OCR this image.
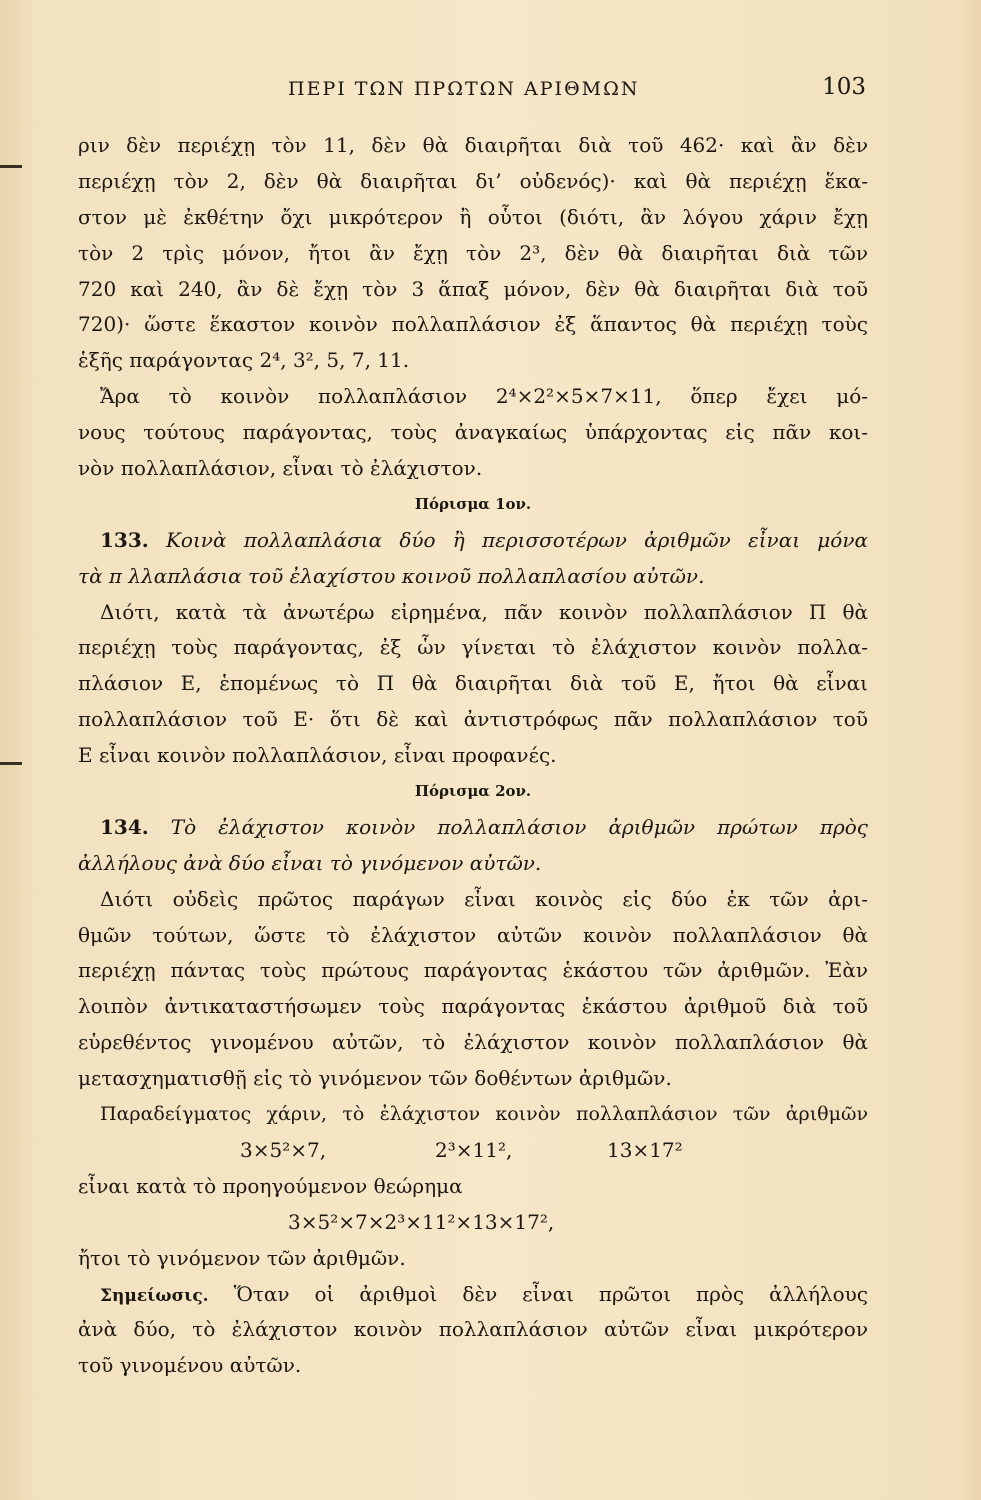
ΠΕΡΙ ΤΩΝ ΠΡΩΤΩΝ ΑΡΙΘΜΩΝ	103
ριν δὲν περιέχῃ τὸν 11, δὲν θὰ διαιρῆται διὰ τοῦ 462· καὶ ἂν δὲν
περιέχῃ τὸν 2, δὲν θὰ διαιρῆται δι’ οὐδενός)· καὶ θὰ περιέχῃ ἕκα-
στον μὲ ἐκθέτην ὄχι μικρότερον ἢ οὗτοι (διότι, ἂν λόγου χάριν ἔχῃ
τὸν 2 τρὶς μόνον, ἤτοι ἂν ἔχῃ τὸν 2³, δὲν θὰ διαιρῆται διὰ τῶν
720 καὶ 240, ἂν δὲ ἔχῃ τὸν 3 ἅπαξ μόνον, δὲν θὰ διαιρῆται διὰ τοῦ
720)· ὥστε ἕκαστον κοινὸν πολλαπλάσιον ἐξ ἅπαντος θὰ περιέχῃ τοὺς
ἑξῆς παράγοντας 2⁴, 3², 5, 7, 11.
Ἄρα τὸ κοινὸν πολλαπλάσιον 2⁴×2²×5×7×11, ὅπερ ἔχει μό-
νους τούτους παράγοντας, τοὺς ἀναγκαίως ὑπάρχοντας εἰς πᾶν κοι-
νὸν πολλαπλάσιον, εἶναι τὸ ἐλάχιστον.
Πόρισμα 1ον.
133. Κοινὰ πολλαπλάσια δύο ἢ περισσοτέρων ἀριθμῶν εἶναι μόνα
τὰ π λλαπλάσια τοῦ ἐλαχίστου κοινοῦ πολλαπλασίου αὐτῶν.
Διότι, κατὰ τὰ ἀνωτέρω εἰρημένα, πᾶν κοινὸν πολλαπλάσιον Π θὰ
περιέχῃ τοὺς παράγοντας, ἐξ ὧν γίνεται τὸ ἐλάχιστον κοινὸν πολλα-
πλάσιον Ε, ἑπομένως τὸ Π θὰ διαιρῆται διὰ τοῦ Ε, ἤτοι θὰ εἶναι
πολλαπλάσιον τοῦ Ε· ὅτι δὲ καὶ ἀντιστρόφως πᾶν πολλαπλάσιον τοῦ
Ε εἶναι κοινὸν πολλαπλάσιον, εἶναι προφανές.
Πόρισμα 2ον.
134. Τὸ ἐλάχιστον κοινὸν πολλαπλάσιον ἀριθμῶν πρώτων πρὸς
ἀλλήλους ἀνὰ δύο εἶναι τὸ γινόμενον αὐτῶν.
Διότι οὐδεὶς πρῶτος παράγων εἶναι κοινὸς εἰς δύο ἐκ τῶν ἀρι-
θμῶν τούτων, ὥστε τὸ ἐλάχιστον αὐτῶν κοινὸν πολλαπλάσιον θὰ
περιέχῃ πάντας τοὺς πρώτους παράγοντας ἑκάστου τῶν ἀριθμῶν. Ἐὰν
λοιπὸν ἀντικαταστήσωμεν τοὺς παράγοντας ἑκάστου ἀριθμοῦ διὰ τοῦ
εὑρεθέντος γινομένου αὐτῶν, τὸ ἐλάχιστον κοινὸν πολλαπλάσιον θὰ
μετασχηματισθῇ εἰς τὸ γινόμενον τῶν δοθέντων ἀριθμῶν.
Παραδείγματος χάριν, τὸ ἐλάχιστον κοινὸν πολλαπλάσιον τῶν ἀριθμῶν
3×5²×7,	2³×11²,	13×17²
εἶναι κατὰ τὸ προηγούμενον θεώρημα
3×5²×7×2³×11²×13×17²,
ἤτοι τὸ γινόμενον τῶν ἀριθμῶν.
Σημείωσις. Ὅταν οἱ ἀριθμοὶ δὲν εἶναι πρῶτοι πρὸς ἀλλήλους
ἀνὰ δύο, τὸ ἐλάχιστον κοινὸν πολλαπλάσιον αὐτῶν εἶναι μικρότερον
τοῦ γινομένου αὐτῶν.
